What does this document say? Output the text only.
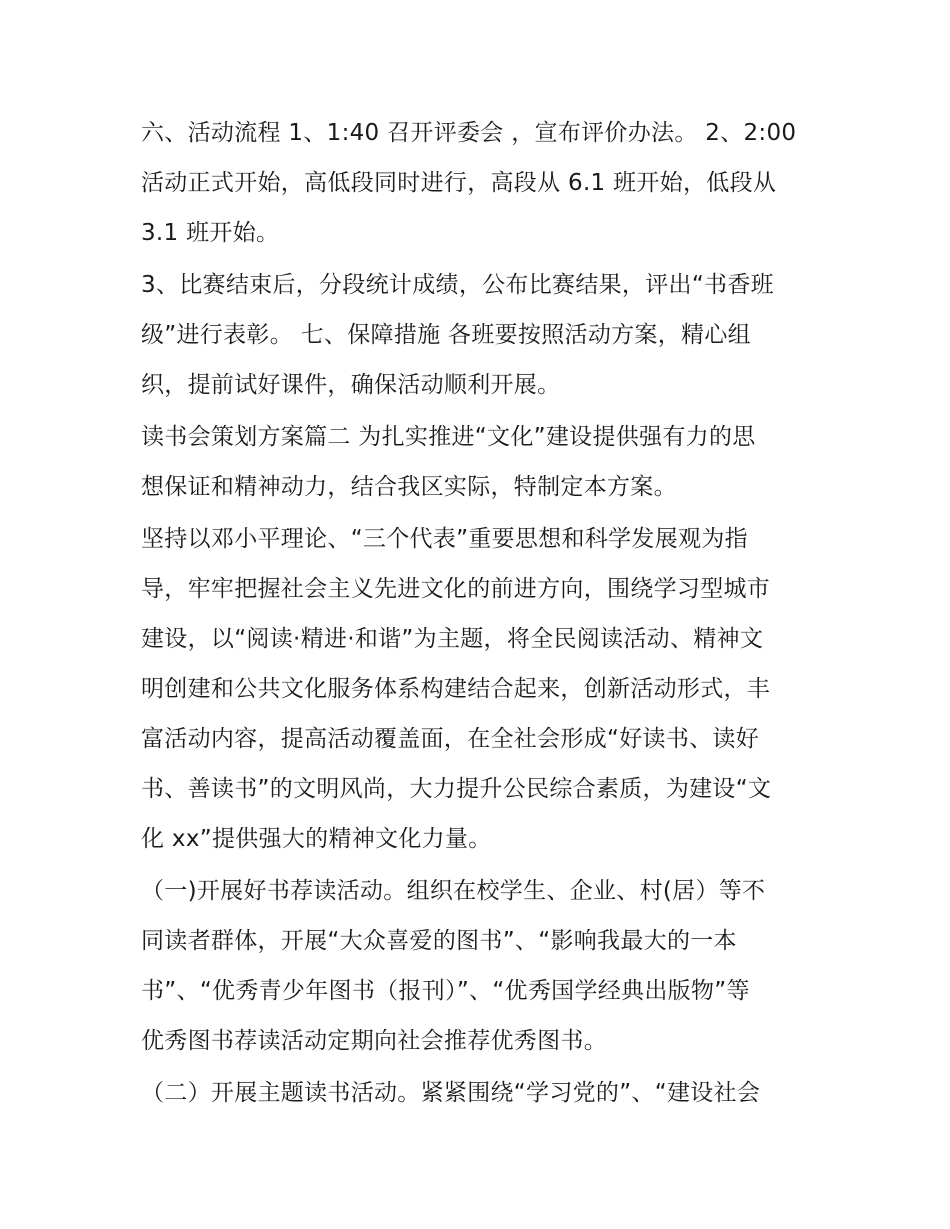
六、活动流程 1、1:40 召开评委会 ，宣布评价办法。 2、2:00
活动正式开始，高低段同时进行，高段从 6.1 班开始，低段从
3.1 班开始。
3、比赛结束后，分段统计成绩，公布比赛结果，评出“书香班
级”进行表彰。 七、保障措施 各班要按照活动方案，精心组
织，提前试好课件，确保活动顺利开展。
读书会策划方案篇二 为扎实推进“文化”建设提供强有力的思
想保证和精神动力，结合我区实际，特制定本方案。
坚持以邓小平理论、“三个代表”重要思想和科学发展观为指
导，牢牢把握社会主义先进文化的前进方向，围绕学习型城市
建设，以“阅读·精进·和谐”为主题，将全民阅读活动、精神文
明创建和公共文化服务体系构建结合起来，创新活动形式，丰
富活动内容，提高活动覆盖面，在全社会形成“好读书、读好
书、善读书”的文明风尚，大力提升公民综合素质，为建设“文
化 xx”提供强大的精神文化力量。
（一)开展好书荐读活动。组织在校学生、企业、村(居）等不
同读者群体，开展“大众喜爱的图书”、“影响我最大的一本
书”、“优秀青少年图书（报刊）”、“优秀国学经典出版物”等
优秀图书荐读活动定期向社会推荐优秀图书。
（二）开展主题读书活动。紧紧围绕“学习党的”、“建设社会
